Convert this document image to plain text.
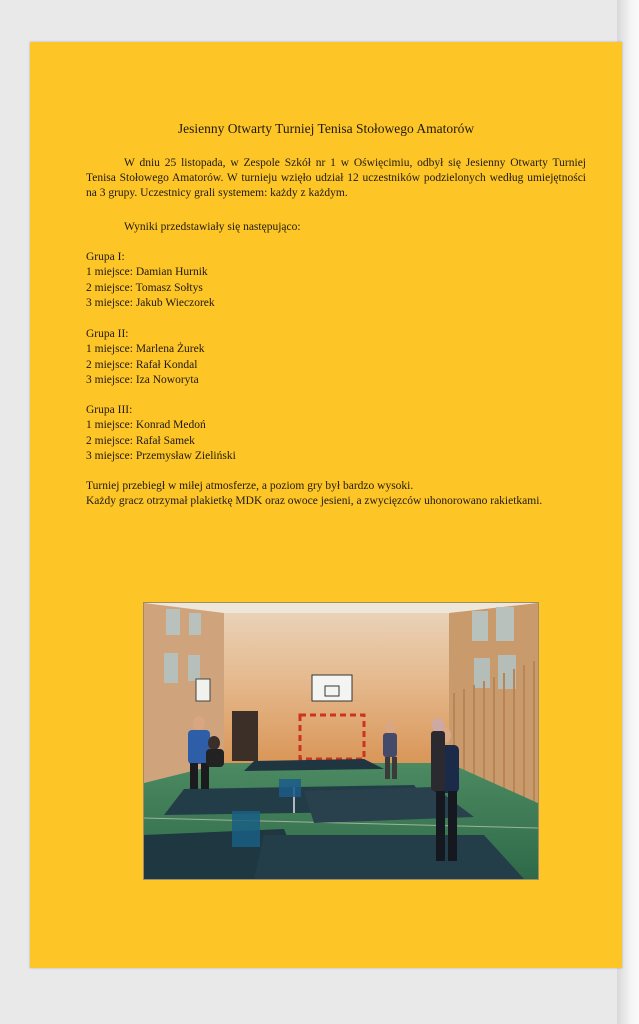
Jesienny Otwarty Turniej Tenisa Stołowego Amatorów

W dniu 25 listopada, w Zespole Szkół nr 1 w Oświęcimiu, odbył się Jesienny Otwarty Turniej Tenisa Stołowego Amatorów. W turnieju wzięło udział 12 uczestników podzielonych według umiejętności na 3 grupy. Uczestnicy grali systemem: każdy z każdym.

Wyniki przedstawiały się następująco:

Grupa I:
1 miejsce: Damian Hurnik
2 miejsce: Tomasz Sołtys
3 miejsce: Jakub Wieczorek
Grupa II:
1 miejsce: Marlena Żurek
2 miejsce: Rafał Kondal
3 miejsce: Iza Noworyta
Grupa III:
1 miejsce: Konrad Medoń
2 miejsce: Rafał Samek
3 miejsce: Przemysław Zieliński

Turniej przebiegł w miłej atmosferze, a poziom gry był bardzo wysoki.
Każdy gracz otrzymał plakietkę MDK oraz owoce jesieni, a zwycięzców uhonorowano rakietkami.
